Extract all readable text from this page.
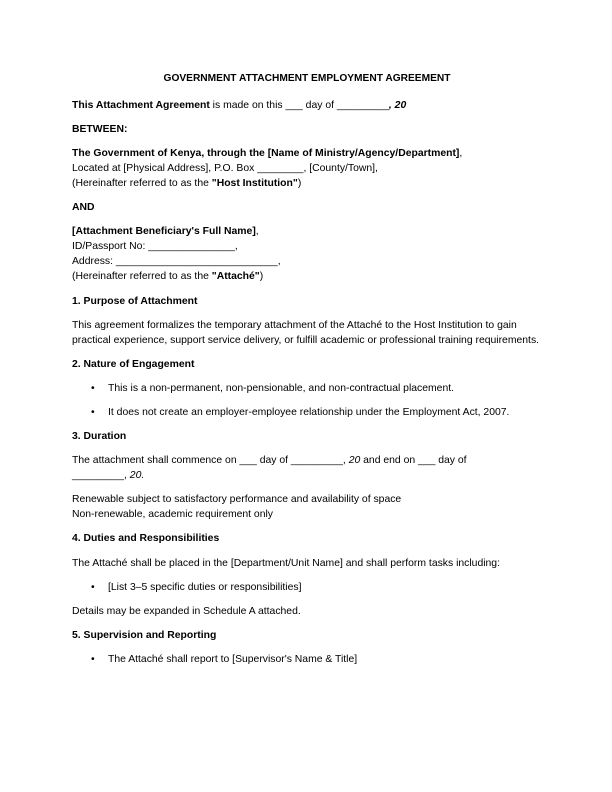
GOVERNMENT ATTACHMENT EMPLOYMENT AGREEMENT

This Attachment Agreement is made on this ___ day of _________, 20

BETWEEN:

The Government of Kenya, through the [Name of Ministry/Agency/Department],
Located at [Physical Address], P.O. Box ________, [County/Town],
(Hereinafter referred to as the "Host Institution")

AND

[Attachment Beneficiary's Full Name],
ID/Passport No: _______________,
Address: ____________________________,
(Hereinafter referred to as the "Attaché")
1. Purpose of Attachment

This agreement formalizes the temporary attachment of the Attaché to the Host Institution to gain practical experience, support service delivery, or fulfill academic or professional training requirements.

2. Nature of Engagement
• This is a non-permanent, non-pensionable, and non-contractual placement.
• It does not create an employer-employee relationship under the Employment Act, 2007.
3. Duration

The attachment shall commence on ___ day of _________, 20 and end on ___ day of
_________, 20.

Renewable subject to satisfactory performance and availability of space
Non-renewable, academic requirement only
4. Duties and Responsibilities

The Attaché shall be placed in the [Department/Unit Name] and shall perform tasks including:

• [List 3–5 specific duties or responsibilities]

Details may be expanded in Schedule A attached.

5. Supervision and Reporting
• The Attaché shall report to [Supervisor's Name & Title]
